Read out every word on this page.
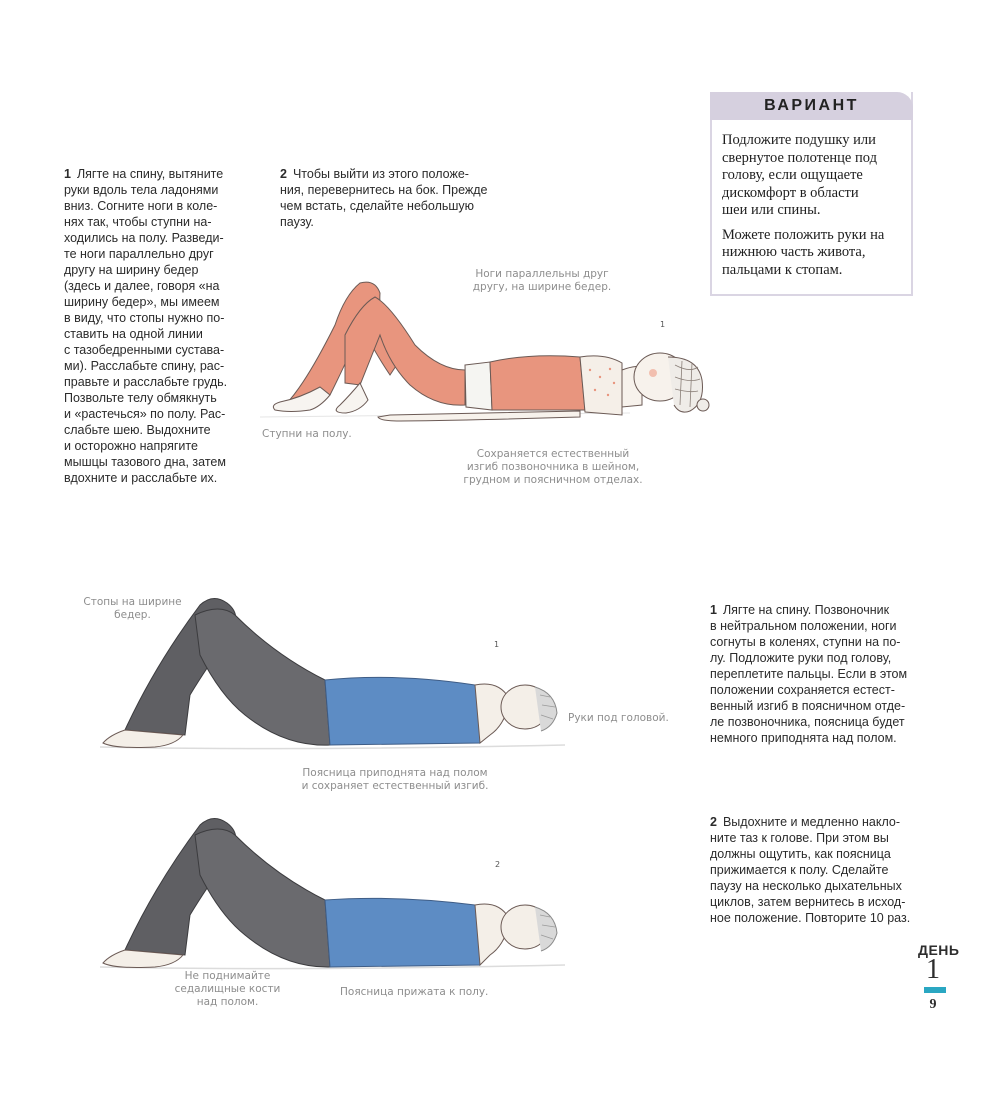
1 Лягте на спину, вытяните
руки вдоль тела ладонями
вниз. Согните ноги в коле-
нях так, чтобы ступни на-
ходились на полу. Разведи-
те ноги параллельно друг
другу на ширину бедер
(здесь и далее, говоря «на
ширину бедер», мы имеем
в виду, что стопы нужно по-
ставить на одной линии
с тазобедренными сустава-
ми). Расслабьте спину, рас-
правьте и расслабьте грудь.
Позвольте телу обмякнуть
и «растечься» по полу. Рас-
слабьте шею. Выдохните
и осторожно напрягите
мышцы тазового дна, затем
вдохните и расслабьте их.
2 Чтобы выйти из этого положе-
ния, перевернитесь на бок. Прежде
чем встать, сделайте небольшую
паузу.
ВАРИАНТ

Подложите подушку или
свернутое полотенце под
голову, если ощущаете
дискомфорт в области
шеи или спины.

Можете положить руки на
нижнюю часть живота,
пальцами к стопам.

1
Ноги параллельны друг
другу, на ширине бедер.
Ступни на полу.
Сохраняется естественный
изгиб позвоночника в шейном,
грудном и поясничном отделах.
1
Стопы на ширине
бедер.
Руки под головой.
Поясница приподнята над полом
и сохраняет естественный изгиб.
2
Не поднимайте
седалищные кости
над полом.
Поясница прижата к полу.
1 Лягте на спину. Позвоночник
в нейтральном положении, ноги
согнуты в коленях, ступни на по-
лу. Подложите руки под голову,
переплетите пальцы. Если в этом
положении сохраняется естест-
венный изгиб в поясничном отде-
ле позвоночника, поясница будет
немного приподнята над полом.
2 Выдохните и медленно накло-
ните таз к голове. При этом вы
должны ощутить, как поясница
прижимается к полу. Сделайте
паузу на несколько дыхательных
циклов, затем вернитесь в исход-
ное положение. Повторите 10 раз.
ДЕНЬ
1
9
